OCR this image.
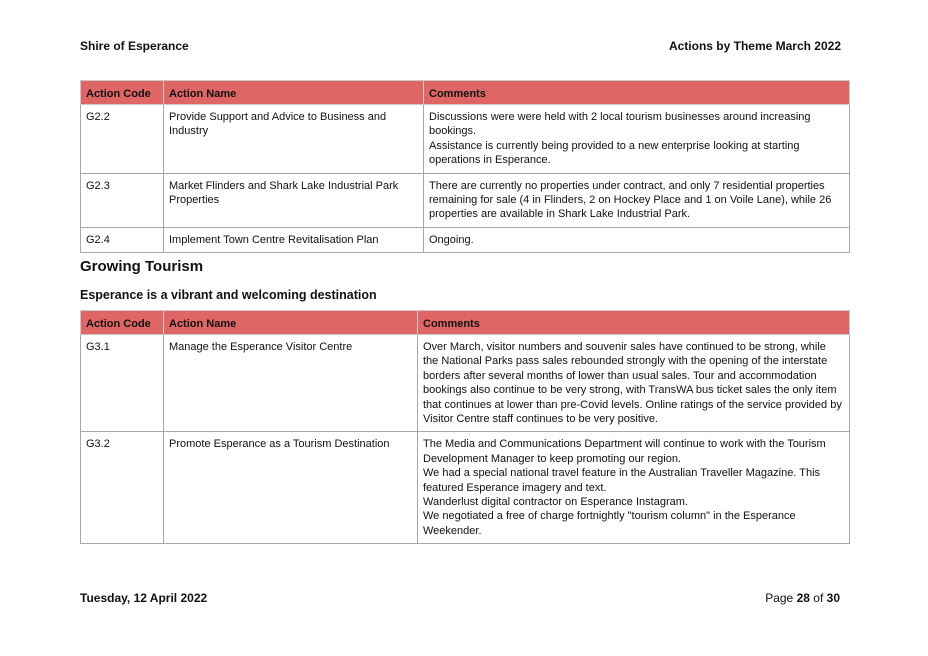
Shire of Esperance	Actions by Theme March 2022
Action Code	Action Name	Comments
G2.2	Provide Support and Advice to Business and Industry	Discussions were were held with 2 local tourism businesses around increasing bookings.

Assistance is currently being provided to a new enterprise looking at starting operations in Esperance.

G2.3	Market Flinders and Shark Lake Industrial Park Properties	There are currently no properties under contract, and only 7 residential properties remaining for sale (4 in Flinders, 2 on Hockey Place and 1 on Voile Lane), while 26 properties are available in Shark Lake Industrial Park.

G2.4	Implement Town Centre Revitalisation Plan	Ongoing.

Growing Tourism
Esperance is a vibrant and welcoming destination
Action Code	Action Name	Comments
G3.1	Manage the Esperance Visitor Centre	Over March, visitor numbers and souvenir sales have continued to be strong, while the National Parks pass sales rebounded strongly with the opening of the interstate borders after several months of lower than usual sales. Tour and accommodation bookings also continue to be very strong, with TransWA bus ticket sales the only item that continues at lower than pre-Covid levels. Online ratings of the service provided by Visitor Centre staff continues to be very positive.

G3.2	Promote Esperance as a Tourism Destination	The Media and Communications Department will continue to work with the Tourism Development Manager to keep promoting our region.

We had a special national travel feature in the Australian Traveller Magazine. This featured Esperance imagery and text.

Wanderlust digital contractor on Esperance Instagram.

We negotiated a free of charge fortnightly "tourism column" in the Esperance Weekender.

Tuesday, 12 April 2022	Page 28 of 30
